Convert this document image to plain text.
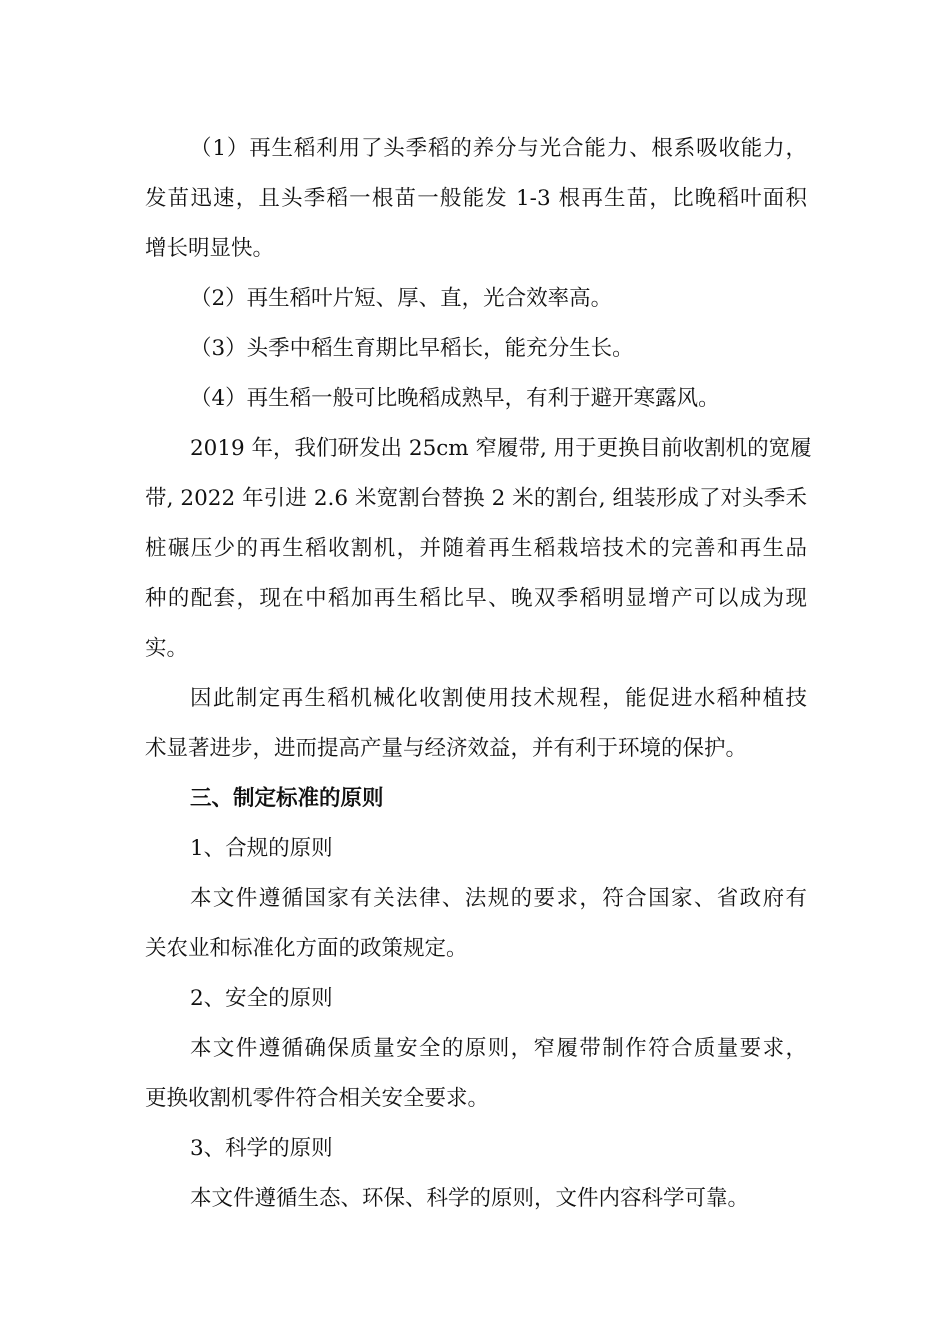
（1）再生稻利用了头季稻的养分与光合能力、根系吸收能力，
发苗迅速，且头季稻一根苗一般能发 1-3 根再生苗，比晚稻叶面积
增长明显快。
（2）再生稻叶片短、厚、直，光合效率高。
（3）头季中稻生育期比早稻长，能充分生长。
（4）再生稻一般可比晚稻成熟早，有利于避开寒露风。
2019 年，我们研发出 25cm 窄履带, 用于更换目前收割机的宽履
带, 2022 年引进 2.6 米宽割台替换 2 米的割台, 组装形成了对头季禾
桩碾压少的再生稻收割机，并随着再生稻栽培技术的完善和再生品
种的配套，现在中稻加再生稻比早、晚双季稻明显增产可以成为现
实。
因此制定再生稻机械化收割使用技术规程，能促进水稻种植技
术显著进步，进而提高产量与经济效益，并有利于环境的保护。
三、制定标准的原则
1、合规的原则
本文件遵循国家有关法律、法规的要求，符合国家、省政府有
关农业和标准化方面的政策规定。
2、安全的原则
本文件遵循确保质量安全的原则，窄履带制作符合质量要求，
更换收割机零件符合相关安全要求。
3、科学的原则
本文件遵循生态、环保、科学的原则，文件内容科学可靠。
